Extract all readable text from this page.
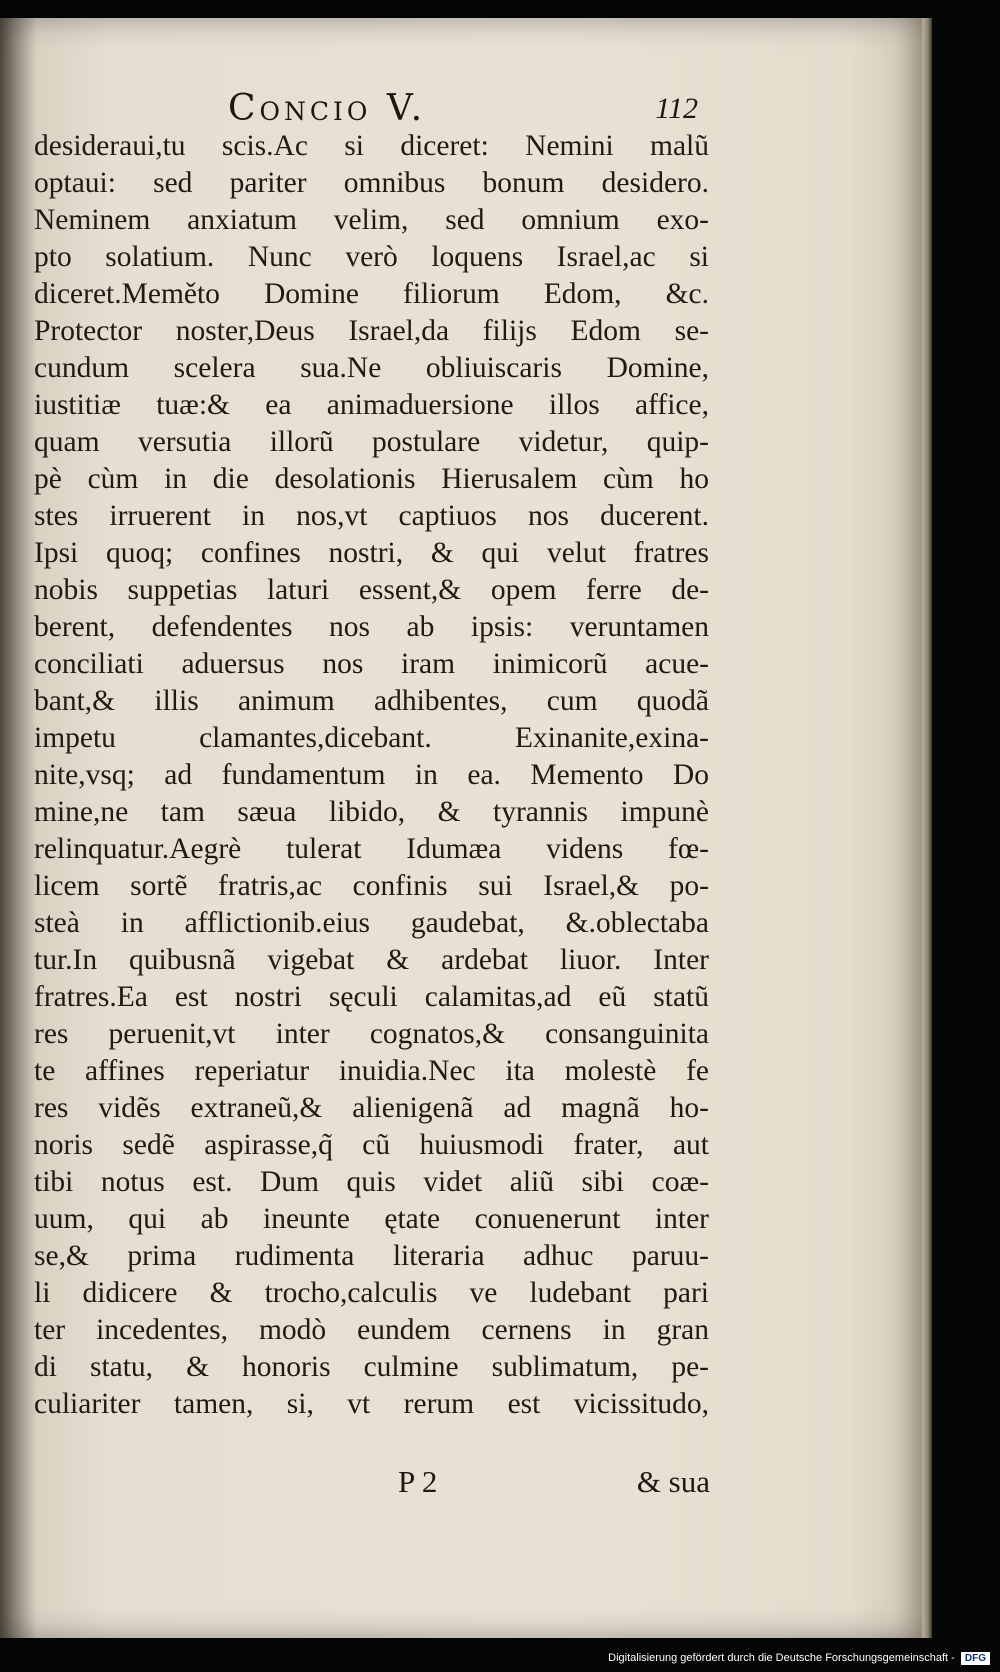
Concio V.	112
desideraui,tu scis.Ac si diceret: Nemini malũ
optaui: sed pariter omnibus bonum desidero.
Neminem anxiatum velim, sed omnium exo-
pto solatium. Nunc verò loquens Israel,ac si
diceret.Meměto Domine filiorum Edom, &c.
Protector noster,Deus Israel,da filijs Edom se-
cundum scelera sua.Ne obliuiscaris Domine,
iustitiæ tuæ:& ea animaduersione illos affice,
quam versutia illorũ postulare videtur, quip-
pè cùm in die desolationis Hierusalem cùm ho
stes irruerent in nos,vt captiuos nos ducerent.
Ipsi quoq; confines nostri, & qui velut fratres
nobis suppetias laturi essent,& opem ferre de-
berent, defendentes nos ab ipsis: veruntamen
conciliati aduersus nos iram inimicorũ acue-
bant,& illis animum adhibentes, cum quodã
impetu clamantes,dicebant. Exinanite,exina-
nite,vsq; ad fundamentum in ea. Memento Do
mine,ne tam sæua libido, & tyrannis impunè
relinquatur.Aegrè tulerat Idumæa videns fœ-
licem sortẽ fratris,ac confinis sui Israel,& po-
steà in afflictionib.eius gaudebat, &.oblectaba
tur.In quibusnã vigebat & ardebat liuor. Inter
fratres.Ea est nostri sęculi calamitas,ad eũ statũ
res peruenit,vt inter cognatos,& consanguinita
te affines reperiatur inuidia.Nec ita molestè fe
res vidẽs extraneũ,& alienigenã ad magnã ho-
noris sedẽ aspirasse,q̃ cũ huiusmodi frater, aut
tibi notus est. Dum quis videt aliũ sibi coæ-
uum, qui ab ineunte ętate conuenerunt inter
se,& prima rudimenta literaria adhuc paruu-
li didicere & trocho,calculis ve ludebant pari
ter incedentes, modò eundem cernens in gran
di statu, & honoris culmine sublimatum, pe-
culiariter tamen, si, vt rerum est vicissitudo,
P 2	& sua
Digitalisierung gefördert durch die Deutsche Forschungsgemeinschaft - DFG
